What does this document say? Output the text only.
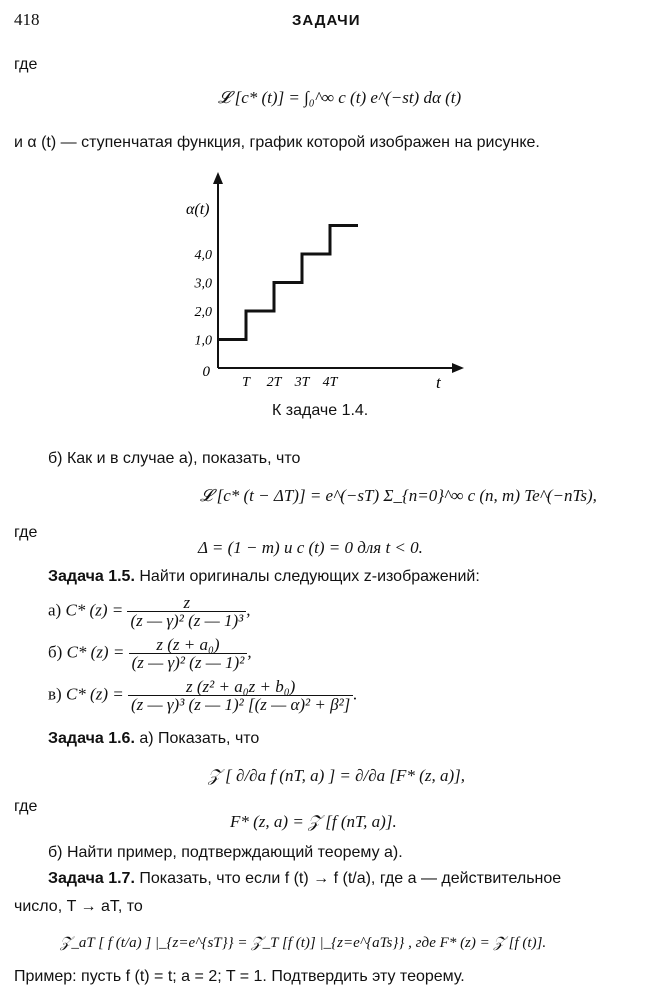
418	ЗАДАЧИ
где
𝓛 [c* (t)] = ∫₀^∞ c (t) e^(−st) dα (t)
и α (t) — ступенчатая функция, график которой изображен на рисунке.
1,0
2,0
3,0
4,0
T 2T 3T 4T
0
α(t)
t
К задаче 1.4.
б) Как и в случае а), показать, что
𝓛 [c* (t − ΔT)] = e^(−sT) Σ_{n=0}^∞ c (n, m) Te^(−nTs),
где
Δ = (1 − m) и c (t) = 0 для t < 0.
Задача 1.5. Найти оригиналы следующих z-изображений:
а) C* $(z) = \frac{z}{\text{(z — γ)² (z — 1)³}}$ ,
б) C* $(z) = \frac{\text{z (z + a₀)}}{\text{(z — γ)² (z — 1)²}}$ ,
в) C* $(z) = \frac{\text{z (z² + a₀z + b₀)}}{\text{(z — γ)³ (z — 1)² [(z — α)² + β²]}}$ .
Задача 1.6. а) Показать, что
𝒵 [ ∂/∂a f (nT, a) ] = ∂/∂a [F* (z, a)],
где
F* (z, a) = 𝒵 [f (nT, a)].
б) Найти пример, подтверждающий теорему а).
Задача 1.7. Показать, что если f (t) → f (t/a), где a — действительное
число, T → aT, то
𝒵_aT [ f (t/a) ] |_{z=e^{sT}} = 𝒵_T [f (t)] |_{z=e^{aTs}} , где F* (z) = 𝒵 [f (t)].
Пример: пусть f (t) = t; a = 2; T = 1. Подтвердить эту теорему.
